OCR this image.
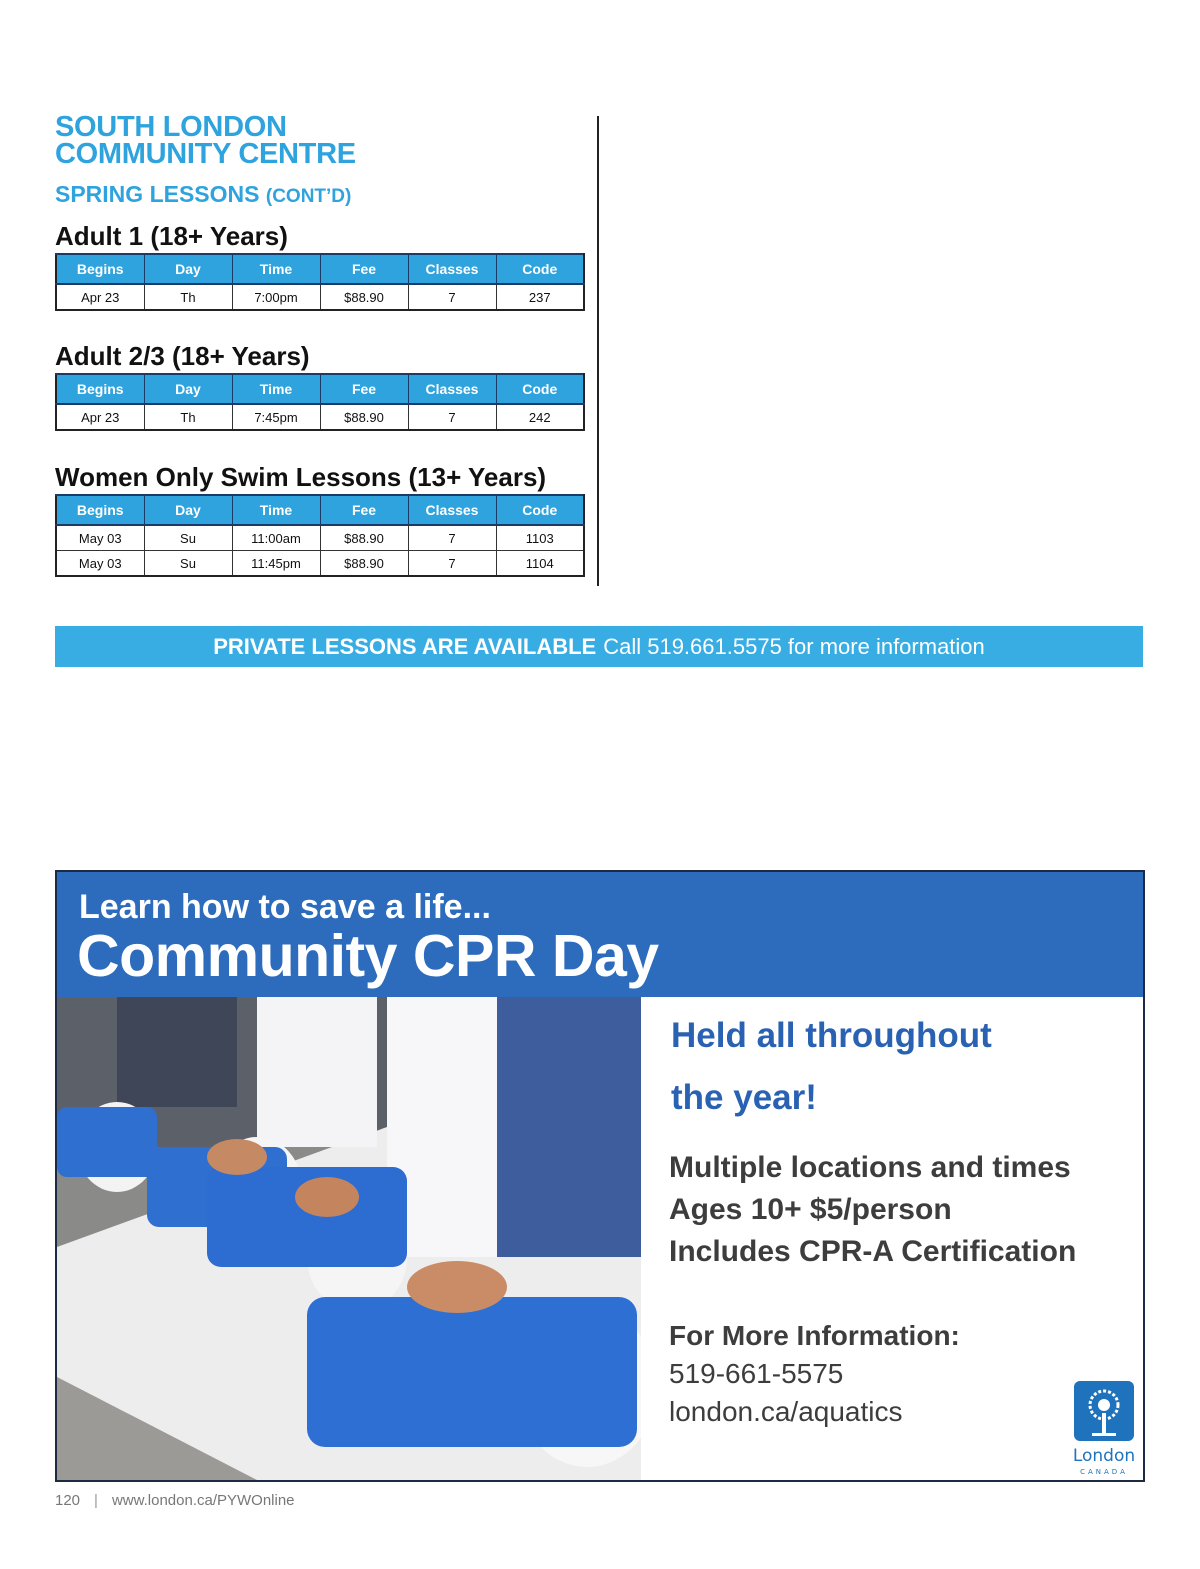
SOUTH LONDON
COMMUNITY CENTRE
SPRING LESSONS (CONT’D)
Adult 1 (18+ Years)
Begins	Day	Time	Fee	Classes	Code
Apr 23	Th	7:00pm	$88.90	7	237
Adult 2/3 (18+ Years)
Begins	Day	Time	Fee	Classes	Code
Apr 23	Th	7:45pm	$88.90	7	242
Women Only Swim Lessons (13+ Years)
Begins	Day	Time	Fee	Classes	Code
May 03	Su	11:00am	$88.90	7	1103
May 03	Su	11:45pm	$88.90	7	1104
PRIVATE LESSONS ARE AVAILABLE Call 519.661.5575 for more information
Learn how to save a life...
Community CPR Day
Held all throughout
the year!
Multiple locations and times
Ages 10+ $5/person
Includes CPR-A Certification
For More Information:
519-661-5575
london.ca/aquatics
London
CANADA
120 | www.london.ca/PYWOnline
